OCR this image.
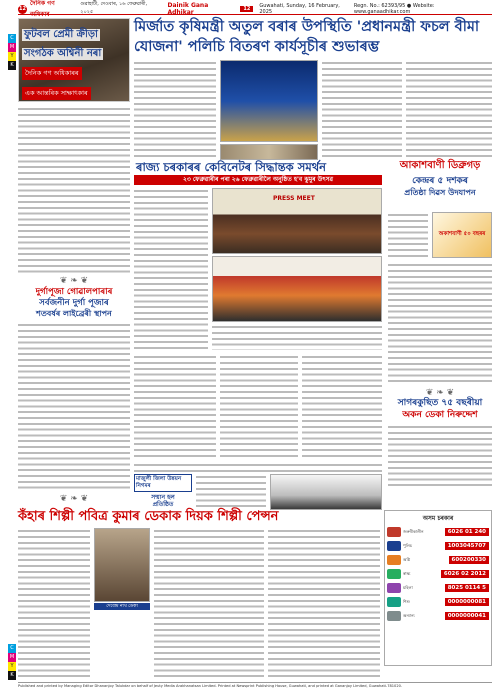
C
M
Y
K
C
M
Y
K
12
দৈনিক গণ অধিকাৰ
গুৱাহাটী, দেওবাৰ, ১৬ ফেব্ৰুৱাৰী, ২০২৫
Dainik Gana Adhikar	12	Guwahati, Sunday, 16 February, 2025
Regn. No.: 62393/95 ● Website: www.ganaadhikar.com
ফুটবল প্ৰেমী ক্ৰীড়া সংগঠক অশ্বিনী নৰা দৈনিক গণ অধিকাৰৰ এক আন্তৰিক সাক্ষাৎকাৰ
মিৰ্জাত কৃষিমন্ত্ৰী অতুল বৰাৰ উপস্থিতি 'প্ৰধানমন্ত্ৰী ফচল বীমা যোজনা' পলিচি বিতৰণ কাৰ্যসূচীৰ শুভাৰম্ভ
ৰাজ্য চৰকাৰৰ কেবিনেটৰ সিদ্ধান্তক সমৰ্থন
২৩ ফেব্ৰুৱাৰীৰ পৰা ২৬ ফেব্ৰুৱাৰীলৈ অনুষ্ঠিত হ'ব ঝুমুৰ উৎসৱ
PRESS MEET
আকাশবাণী ডিব্ৰুগড়
কেন্দ্ৰৰ ৫ দশকৰ
প্ৰতিষ্ঠা দিৱস উদযাপন
অকাশবাণী ৫০ বছৰৰ
❦ ❧ ❦
দুৰ্গাপূজা গোৱালপাৰাৰ
সৰ্বজনীন দুৰ্গা পূজাৰ
শতবৰ্ষৰ লাইব্ৰেৰী স্থাপন
❦ ❧ ❦
সাগৰকুছিত ৭৫ বছৰীয়া
অকন ডেকা নিৰুদ্দেশ
মাজুলী জিলা উন্নয়ন নিগমৰ
সন্মান হল
প্ৰতিষ্ঠিত
❦ ❧ ❦
কঁহাৰ শিল্পী পবিত্ৰ কুমাৰ ডেকাক দিয়ক শিল্পী পেন্সন
দেবেন্দ্ৰ নাথ ডেকা
অসম চৰকাৰ
জৰুৰীকালীন	6026 01 240
পুলিচ	1003045707
অগ্নি	600200330
স্বাস্থ্য	6026 02 2012
মহিলা	8025 0114 5
শিশু	0000000081
অন্যান্য	0000000041
Published and printed by Managing Editor Dhananjoy Talukdar on behalf of Jeuty Media Arakhanatsan Limited. Printed at Newsprint Publishing House, Guwahati, and printed at Gananjoy Limited, Guwahati-781020.
